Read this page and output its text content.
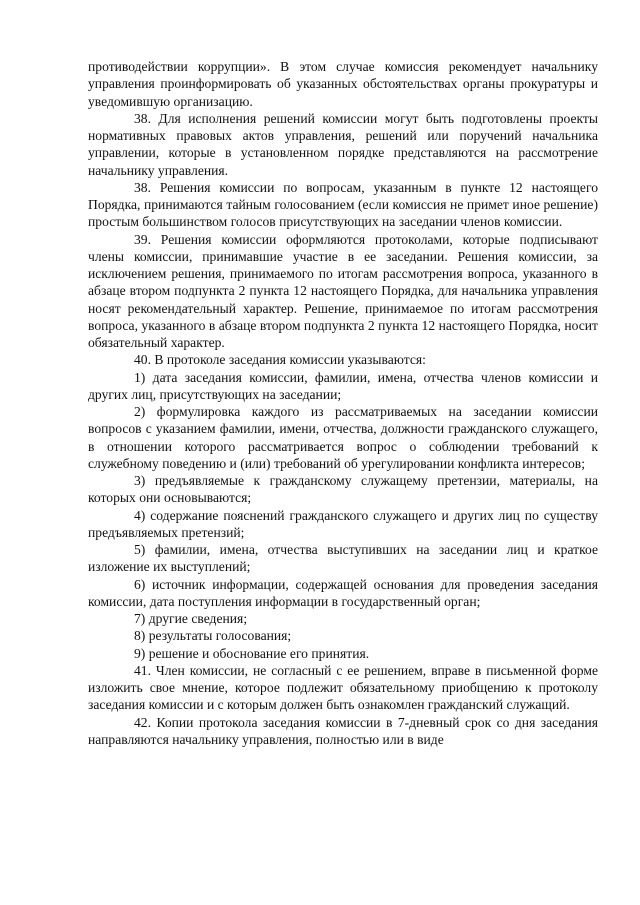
противодействии коррупции». В этом случае комиссия рекомендует начальнику управления проинформировать об указанных обстоятельствах органы прокуратуры и уведомившую организацию.

38. Для исполнения решений комиссии могут быть подготовлены проекты нормативных правовых актов управления, решений или поручений начальника управлении, которые в установленном порядке представляются на рассмотрение начальнику управления.

38. Решения комиссии по вопросам, указанным в пункте 12 настоящего Порядка, принимаются тайным голосованием (если комиссия не примет иное решение) простым большинством голосов присутствующих на заседании членов комиссии.

39. Решения комиссии оформляются протоколами, которые подписывают члены комиссии, принимавшие участие в ее заседании. Решения комиссии, за исключением решения, принимаемого по итогам рассмотрения вопроса, указанного в абзаце втором подпункта 2 пункта 12 настоящего Порядка, для начальника управления носят рекомендательный характер. Решение, принимаемое по итогам рассмотрения вопроса, указанного в абзаце втором подпункта 2 пункта 12 настоящего Порядка, носит обязательный характер.

40. В протоколе заседания комиссии указываются:

1) дата заседания комиссии, фамилии, имена, отчества членов комиссии и других лиц, присутствующих на заседании;

2) формулировка каждого из рассматриваемых на заседании комиссии вопросов с указанием фамилии, имени, отчества, должности гражданского служащего, в отношении которого рассматривается вопрос о соблюдении требований к служебному поведению и (или) требований об урегулировании конфликта интересов;

3) предъявляемые к гражданскому служащему претензии, материалы, на которых они основываются;

4) содержание пояснений гражданского служащего и других лиц по существу предъявляемых претензий;

5) фамилии, имена, отчества выступивших на заседании лиц и краткое изложение их выступлений;

6) источник информации, содержащей основания для проведения заседания комиссии, дата поступления информации в государственный орган;

7) другие сведения;

8) результаты голосования;

9) решение и обоснование его принятия.

41. Член комиссии, не согласный с ее решением, вправе в письменной форме изложить свое мнение, которое подлежит обязательному приобщению к протоколу заседания комиссии и с которым должен быть ознакомлен гражданский служащий.

42. Копии протокола заседания комиссии в 7-дневный срок со дня заседания направляются начальнику управления, полностью или в виде
